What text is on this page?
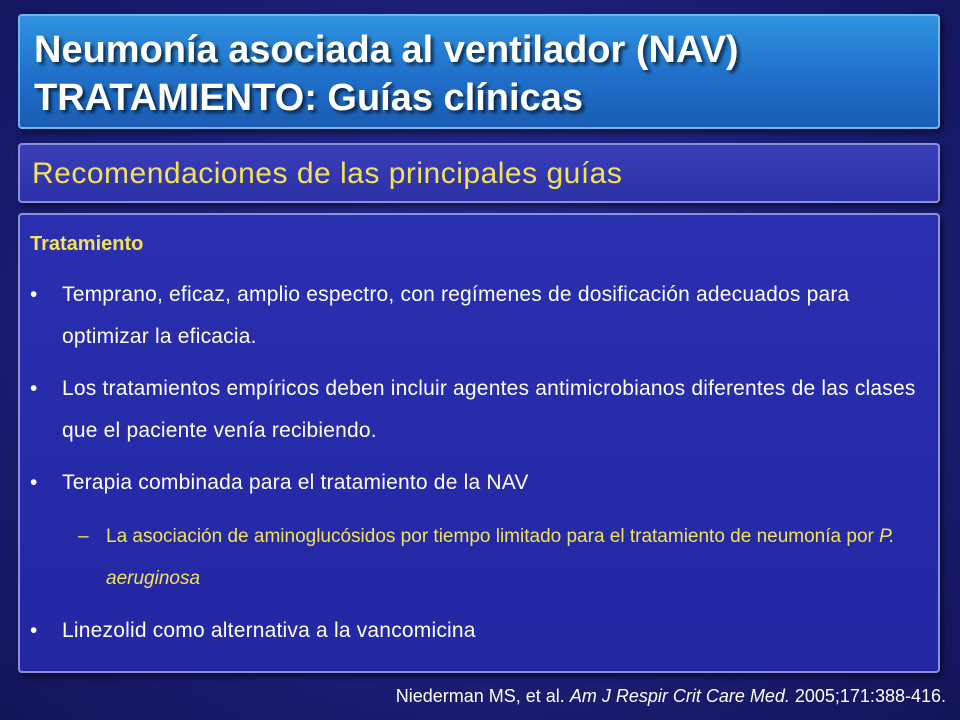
Neumonía asociada al ventilador (NAV)
TRATAMIENTO: Guías clínicas
Recomendaciones de las principales guías
Tratamiento
• Temprano, eficaz, amplio espectro, con regímenes de dosificación adecuados para optimizar la eficacia.
• Los tratamientos empíricos deben incluir agentes antimicrobianos diferentes de las clases que el paciente venía recibiendo.
• Terapia combinada para el tratamiento de la NAV
– La asociación de aminoglucósidos por tiempo limitado para el tratamiento de neumonía por P. aeruginosa
• Linezolid como alternativa a la vancomicina
Niederman MS, et al. Am J Respir Crit Care Med. 2005;171:388-416.
